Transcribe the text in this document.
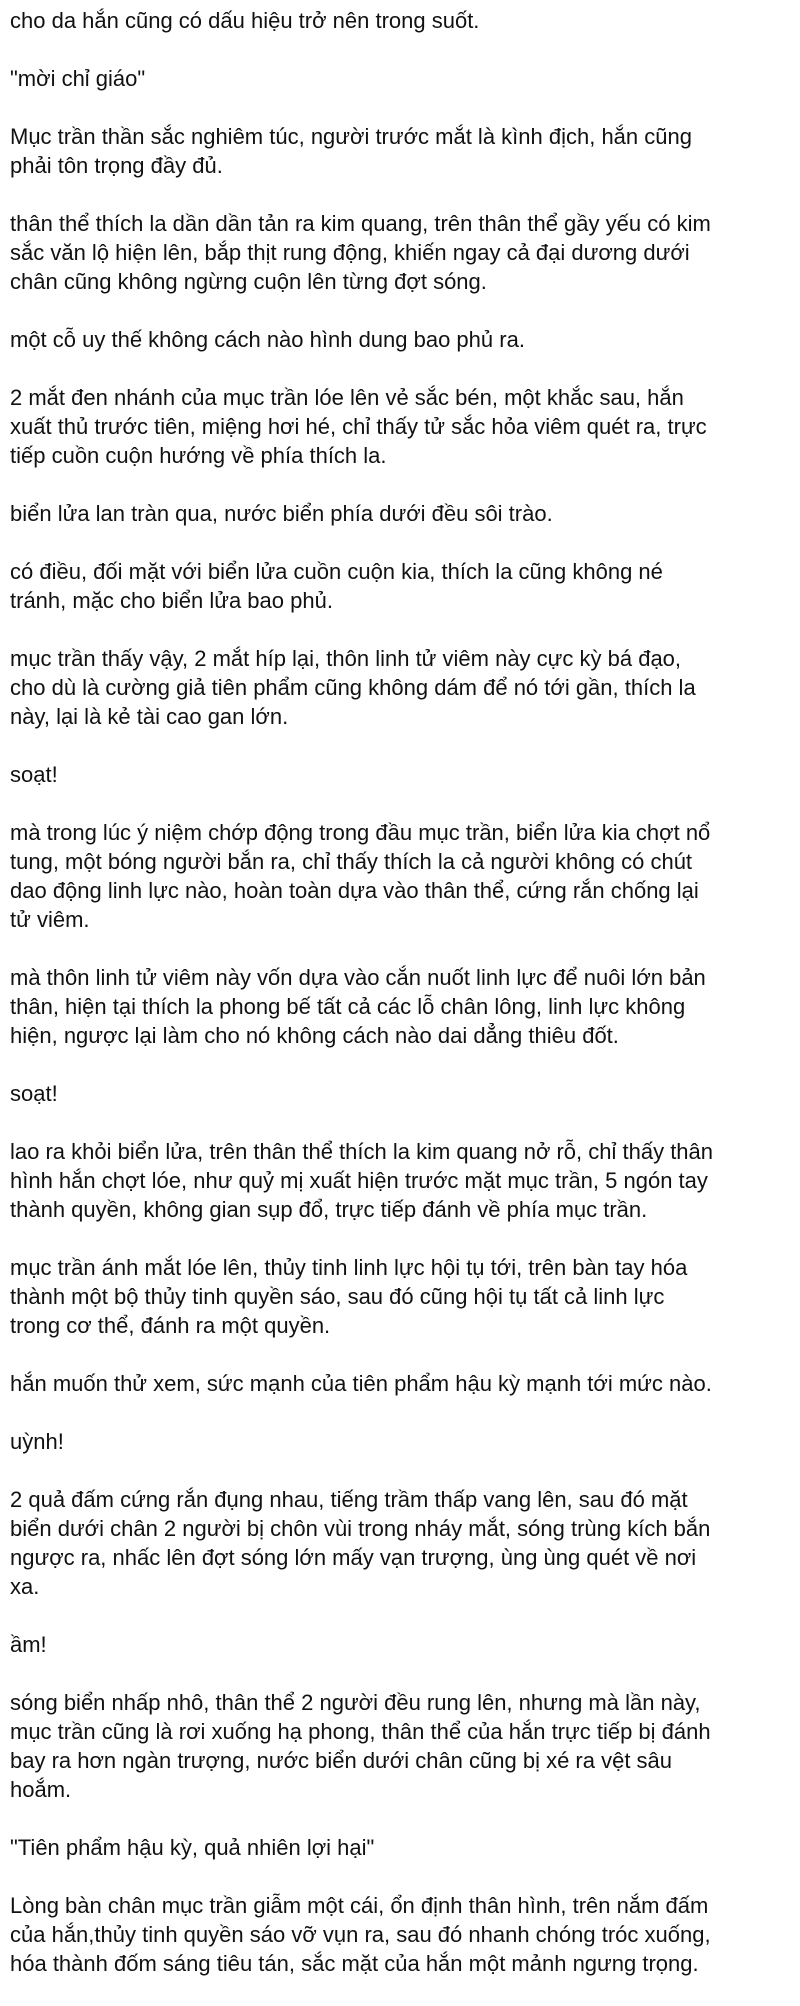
cho da hắn cũng có dấu hiệu trở nên trong suốt.

"mời chỉ giáo"

Mục trần thần sắc nghiêm túc, người trước mắt là kình địch, hắn cũng
phải tôn trọng đầy đủ.

thân thể thích la dần dần tản ra kim quang, trên thân thể gầy yếu có kim
sắc văn lộ hiện lên, bắp thịt rung động, khiến ngay cả đại dương dưới
chân cũng không ngừng cuộn lên từng đợt sóng.

một cỗ uy thế không cách nào hình dung bao phủ ra.

2 mắt đen nhánh của mục trần lóe lên vẻ sắc bén, một khắc sau, hắn
xuất thủ trước tiên, miệng hơi hé, chỉ thấy tử sắc hỏa viêm quét ra, trực
tiếp cuồn cuộn hướng về phía thích la.

biển lửa lan tràn qua, nước biển phía dưới đều sôi trào.

có điều, đối mặt với biển lửa cuồn cuộn kia, thích la cũng không né
tránh, mặc cho biển lửa bao phủ.

mục trần thấy vậy, 2 mắt híp lại, thôn linh tử viêm này cực kỳ bá đạo,
cho dù là cường giả tiên phẩm cũng không dám để nó tới gần, thích la
này, lại là kẻ tài cao gan lớn.

soạt!

mà trong lúc ý niệm chớp động trong đầu mục trần, biển lửa kia chợt nổ
tung, một bóng người bắn ra, chỉ thấy thích la cả người không có chút
dao động linh lực nào, hoàn toàn dựa vào thân thể, cứng rắn chống lại
tử viêm.

mà thôn linh tử viêm này vốn dựa vào cắn nuốt linh lực để nuôi lớn bản
thân, hiện tại thích la phong bế tất cả các lỗ chân lông, linh lực không
hiện, ngược lại làm cho nó không cách nào dai dẳng thiêu đốt.

soạt!

lao ra khỏi biển lửa, trên thân thể thích la kim quang nở rỗ, chỉ thấy thân
hình hắn chợt lóe, như quỷ mị xuất hiện trước mặt mục trần, 5 ngón tay
thành quyền, không gian sụp đổ, trực tiếp đánh về phía mục trần.

mục trần ánh mắt lóe lên, thủy tinh linh lực hội tụ tới, trên bàn tay hóa
thành một bộ thủy tinh quyền sáo, sau đó cũng hội tụ tất cả linh lực
trong cơ thể, đánh ra một quyền.

hắn muốn thử xem, sức mạnh của tiên phẩm hậu kỳ mạnh tới mức nào.

uỳnh!

2 quả đấm cứng rắn đụng nhau, tiếng trầm thấp vang lên, sau đó mặt
biển dưới chân 2 người bị chôn vùi trong nháy mắt, sóng trùng kích bắn
ngược ra, nhấc lên đợt sóng lớn mấy vạn trượng, ùng ùng quét về nơi
xa.

ầm!

sóng biển nhấp nhô, thân thể 2 người đều rung lên, nhưng mà lần này,
mục trần cũng là rơi xuống hạ phong, thân thể của hắn trực tiếp bị đánh
bay ra hơn ngàn trượng, nước biển dưới chân cũng bị xé ra vệt sâu
hoắm.

"Tiên phẩm hậu kỳ, quả nhiên lợi hại"

Lòng bàn chân mục trần giẫm một cái, ổn định thân hình, trên nắm đấm
của hắn,thủy tinh quyền sáo vỡ vụn ra, sau đó nhanh chóng tróc xuống,
hóa thành đốm sáng tiêu tán, sắc mặt của hắn một mảnh ngưng trọng.
